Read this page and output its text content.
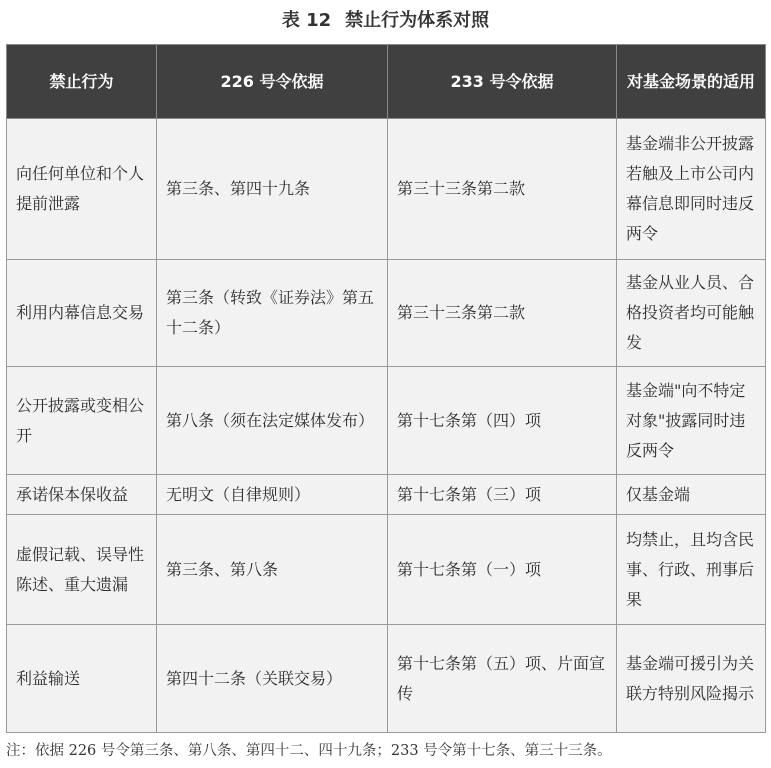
表 12 禁止行为体系对照
禁止行为	226 号令依据	233 号令依据	对基金场景的适用
向任何单位和个人提前泄露	第三条、第四十九条	第三十三条第二款	基金端非公开披露若触及上市公司内幕信息即同时违反两令
利用内幕信息交易	第三条（转致《证券法》第五十二条）	第三十三条第二款	基金从业人员、合格投资者均可能触发
公开披露或变相公开	第八条（须在法定媒体发布）	第十七条第（四）项	基金端"向不特定对象"披露同时违反两令
承诺保本保收益	无明文（自律规则）	第十七条第（三）项	仅基金端
虚假记载、误导性陈述、重大遗漏	第三条、第八条	第十七条第（一）项	均禁止，且均含民事、行政、刑事后果
利益输送	第四十二条（关联交易）	第十七条第（五）项、片面宣传	基金端可援引为关联方特别风险揭示
注：依据 226 号令第三条、第八条、第四十二、四十九条；233 号令第十七条、第三十三条。
